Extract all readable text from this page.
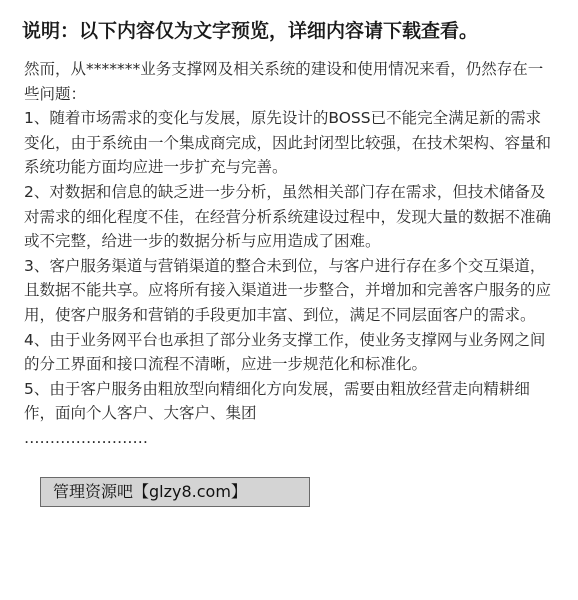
说明：以下内容仅为文字预览，详细内容请下载查看。

然而，从*******业务支撑网及相关系统的建设和使用情况来看，仍然存在一些问题：

1、随着市场需求的变化与发展，原先设计的BOSS已不能完全满足新的需求变化，由于系统由一个集成商完成，因此封闭型比较强，在技术架构、容量和系统功能方面均应进一步扩充与完善。

2、对数据和信息的缺乏进一步分析，虽然相关部门存在需求，但技术储备及对需求的细化程度不佳，在经营分析系统建设过程中，发现大量的数据不准确或不完整，给进一步的数据分析与应用造成了困难。

3、客户服务渠道与营销渠道的整合未到位，与客户进行存在多个交互渠道，且数据不能共享。应将所有接入渠道进一步整合，并增加和完善客户服务的应用，使客户服务和营销的手段更加丰富、到位，满足不同层面客户的需求。

4、由于业务网平台也承担了部分业务支撑工作，使业务支撑网与业务网之间的分工界面和接口流程不清晰，应进一步规范化和标准化。

5、由于客户服务由粗放型向精细化方向发展，需要由粗放经营走向精耕细作，面向个人客户、大客户、集团

……………………

管理资源吧【glzy8.com】
